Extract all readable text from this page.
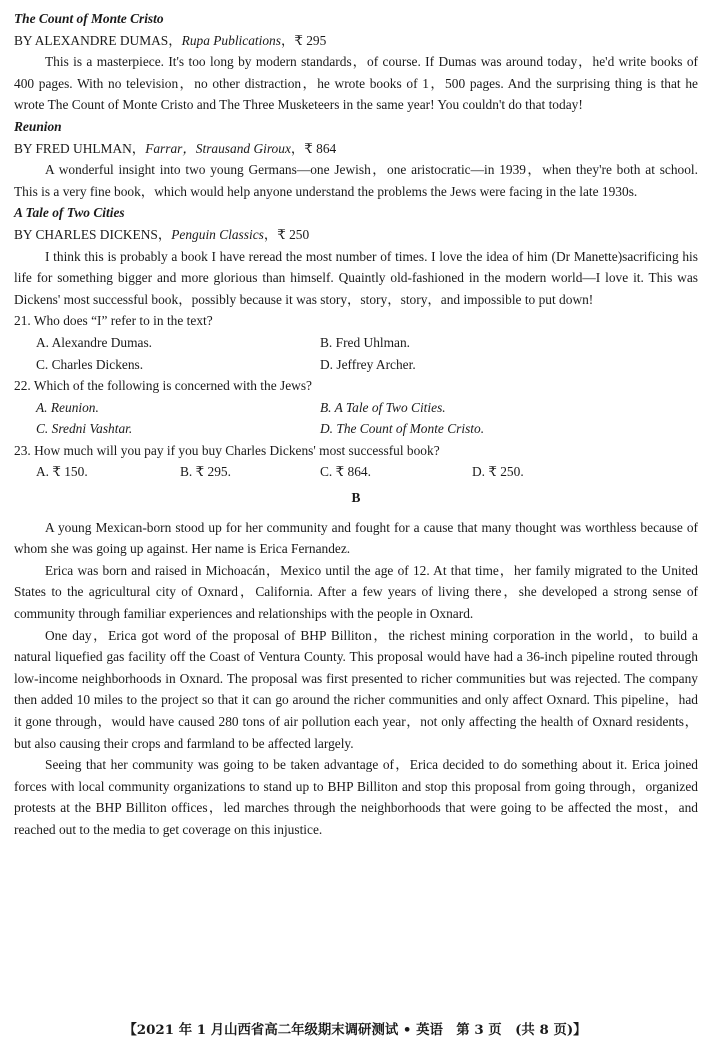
The Count of Monte Cristo
BY ALEXANDRE DUMAS，Rupa Publications，₹ 295
This is a masterpiece. It's too long by modern standards，of course. If Dumas was around today，he'd write books of 400 pages. With no television，no other distraction，he wrote books of 1，500 pages. And the surprising thing is that he wrote The Count of Monte Cristo and The Three Musketeers in the same year! You couldn't do that today!
Reunion
BY FRED UHLMAN，Farrar，Strausand Giroux，₹ 864
A wonderful insight into two young Germans—one Jewish，one aristocratic—in 1939，when they're both at school. This is a very fine book，which would help anyone understand the problems the Jews were facing in the late 1930s.
A Tale of Two Cities
BY CHARLES DICKENS，Penguin Classics，₹ 250
I think this is probably a book I have reread the most number of times. I love the idea of him (Dr Manette)sacrificing his life for something bigger and more glorious than himself. Quaintly old-fashioned in the modern world—I love it. This was Dickens' most successful book，possibly because it was story，story，story，and impossible to put down!
21. Who does “I” refer to in the text?
A. Alexandre Dumas.	B. Fred Uhlman.
C. Charles Dickens.	D. Jeffrey Archer.
22. Which of the following is concerned with the Jews?
A. Reunion.	B. A Tale of Two Cities.
C. Sredni Vashtar.	D. The Count of Monte Cristo.
23. How much will you pay if you buy Charles Dickens' most successful book?
A. ₹ 150.	B. ₹ 295.	C. ₹ 864.	D. ₹ 250.
B
A young Mexican-born stood up for her community and fought for a cause that many thought was worthless because of whom she was going up against. Her name is Erica Fernandez.
Erica was born and raised in Michoacán，Mexico until the age of 12. At that time，her family migrated to the United States to the agricultural city of Oxnard，California. After a few years of living there，she developed a strong sense of community through familiar experiences and relationships with the people in Oxnard.
One day，Erica got word of the proposal of BHP Billiton，the richest mining corporation in the world，to build a natural liquefied gas facility off the Coast of Ventura County. This proposal would have had a 36-inch pipeline routed through low-income neighborhoods in Oxnard. The proposal was first presented to richer communities but was rejected. The company then added 10 miles to the project so that it can go around the richer communities and only affect Oxnard. This pipeline，had it gone through，would have caused 280 tons of air pollution each year，not only affecting the health of Oxnard residents，but also causing their crops and farmland to be affected largely.
Seeing that her community was going to be taken advantage of，Erica decided to do something about it. Erica joined forces with local community organizations to stand up to BHP Billiton and stop this proposal from going through，organized protests at the BHP Billiton offices，led marches through the neighborhoods that were going to be affected the most，and reached out to the media to get coverage on this injustice.
【2021 年 1 月山西省高二年级期末调研测试 • 英语　第 3 页　(共 8 页)】
